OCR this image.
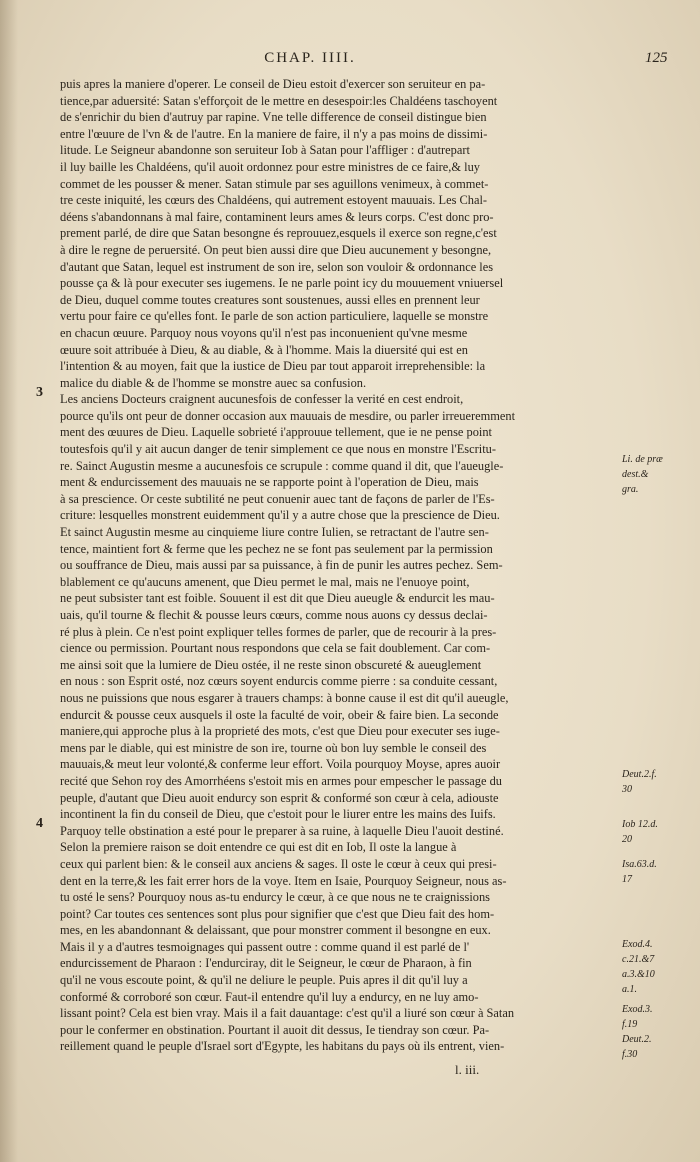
CHAP. IIII.	125
3
4
puis apres la maniere d'operer. Le conseil de Dieu estoit d'exercer son seruiteur en pa-
tience,par aduersité: Satan s'efforçoit de le mettre en desespoir:les Chaldéens taschoyent
de s'enrichir du bien d'autruy par rapine. Vne telle difference de conseil distingue bien
entre l'œuure de l'vn & de l'autre. En la maniere de faire, il n'y a pas moins de dissimi-
litude. Le Seigneur abandonne son seruiteur Iob à Satan pour l'affliger : d'autrepart
il luy baille les Chaldéens, qu'il auoit ordonnez pour estre ministres de ce faire,& luy
commet de les pousser & mener. Satan stimule par ses aguillons venimeux, à commet-
tre ceste iniquité, les cœurs des Chaldéens, qui autrement estoyent mauuais. Les Chal-
déens s'abandonnans à mal faire, contaminent leurs ames & leurs corps. C'est donc pro-
prement parlé, de dire que Satan besongne és reprouuez,esquels il exerce son regne,c'est
à dire le regne de peruersité. On peut bien aussi dire que Dieu aucunement y besongne,
d'autant que Satan, lequel est instrument de son ire, selon son vouloir & ordonnance les
pousse ça & là pour executer ses iugemens. Ie ne parle point icy du mouuement vniuersel
de Dieu, duquel comme toutes creatures sont soustenues, aussi elles en prennent leur
vertu pour faire ce qu'elles font. Ie parle de son action particuliere, laquelle se monstre
en chacun œuure. Parquoy nous voyons qu'il n'est pas inconuenient qu'vne mesme
œuure soit attribuée à Dieu, & au diable, & à l'homme. Mais la diuersité qui est en
l'intention & au moyen, fait que la iustice de Dieu par tout apparoit irreprehensible: la
malice du diable & de l'homme se monstre auec sa confusion.
Les anciens Docteurs craignent aucunesfois de confesser la verité en cest endroit,
pource qu'ils ont peur de donner occasion aux mauuais de mesdire, ou parler irreueremment
ment des œuures de Dieu. Laquelle sobrieté i'approuue tellement, que ie ne pense point
toutesfois qu'il y ait aucun danger de tenir simplement ce que nous en monstre l'Escritu-
re. Sainct Augustin mesme a aucunesfois ce scrupule : comme quand il dit, que l'aueugle-
ment & endurcissement des mauuais ne se rapporte point à l'operation de Dieu, mais
à sa prescience. Or ceste subtilité ne peut conuenir auec tant de façons de parler de l'Es-
criture: lesquelles monstrent euidemment qu'il y a autre chose que la prescience de Dieu.
Et sainct Augustin mesme au cinquieme liure contre Iulien, se retractant de l'autre sen-
tence, maintient fort & ferme que les pechez ne se font pas seulement par la permission
ou souffrance de Dieu, mais aussi par sa puissance, à fin de punir les autres pechez. Sem-
blablement ce qu'aucuns amenent, que Dieu permet le mal, mais ne l'enuoye point,
ne peut subsister tant est foible. Souuent il est dit que Dieu aueugle & endurcit les mau-
uais, qu'il tourne & flechit & pousse leurs cœurs, comme nous auons cy dessus declai-
ré plus à plein. Ce n'est point expliquer telles formes de parler, que de recourir à la pres-
cience ou permission. Pourtant nous respondons que cela se fait doublement. Car com-
me ainsi soit que la lumiere de Dieu ostée, il ne reste sinon obscureté & aueuglement
en nous : son Esprit osté, noz cœurs soyent endurcis comme pierre : sa conduite cessant,
nous ne puissions que nous esgarer à trauers champs: à bonne cause il est dit qu'il aueugle,
endurcit & pousse ceux ausquels il oste la faculté de voir, obeir & faire bien. La seconde
maniere,qui approche plus à la proprieté des mots, c'est que Dieu pour executer ses iuge-
mens par le diable, qui est ministre de son ire, tourne où bon luy semble le conseil des
mauuais,& meut leur volonté,& conferme leur effort. Voila pourquoy Moyse, apres auoir
recité que Sehon roy des Amorrhéens s'estoit mis en armes pour empescher le passage du
peuple, d'autant que Dieu auoit endurcy son esprit & conformé son cœur à cela, adiouste
incontinent la fin du conseil de Dieu, que c'estoit pour le liurer entre les mains des Iuifs.
Parquoy telle obstination a esté pour le preparer à sa ruine, à laquelle Dieu l'auoit destiné.
Selon la premiere raison se doit entendre ce qui est dit en Iob, Il oste la langue à
ceux qui parlent bien: & le conseil aux anciens & sages. Il oste le cœur à ceux qui presi-
dent en la terre,& les fait errer hors de la voye. Item en Isaie, Pourquoy Seigneur, nous as-
tu osté le sens? Pourquoy nous as-tu endurcy le cœur, à ce que nous ne te craignissions
point? Car toutes ces sentences sont plus pour signifier que c'est que Dieu fait des hom-
mes, en les abandonnant & delaissant, que pour monstrer comment il besongne en eux.
Mais il y a d'autres tesmoignages qui passent outre : comme quand il est parlé de l'
endurcissement de Pharaon : I'endurciray, dit le Seigneur, le cœur de Pharaon, à fin
qu'il ne vous escoute point, & qu'il ne deliure le peuple. Puis apres il dit qu'il luy a
conformé & corroboré son cœur. Faut-il entendre qu'il luy a endurcy, en ne luy amo-
lissant point? Cela est bien vray. Mais il a fait dauantage: c'est qu'il a liuré son cœur à Satan
pour le confermer en obstination. Pourtant il auoit dit dessus, Ie tiendray son cœur. Pa-
reillement quand le peuple d'Israel sort d'Egypte, les habitans du pays où ils entrent, vien-
Li. de præ
dest.&
gra.
Deut.2.f.
30
Iob 12.d.
20
Isa.63.d.
17
Exod.4.
c.21.&7
a.3.&10
a.1.
Exod.3.
f.19
Deut.2.
f.30
l. iii.
